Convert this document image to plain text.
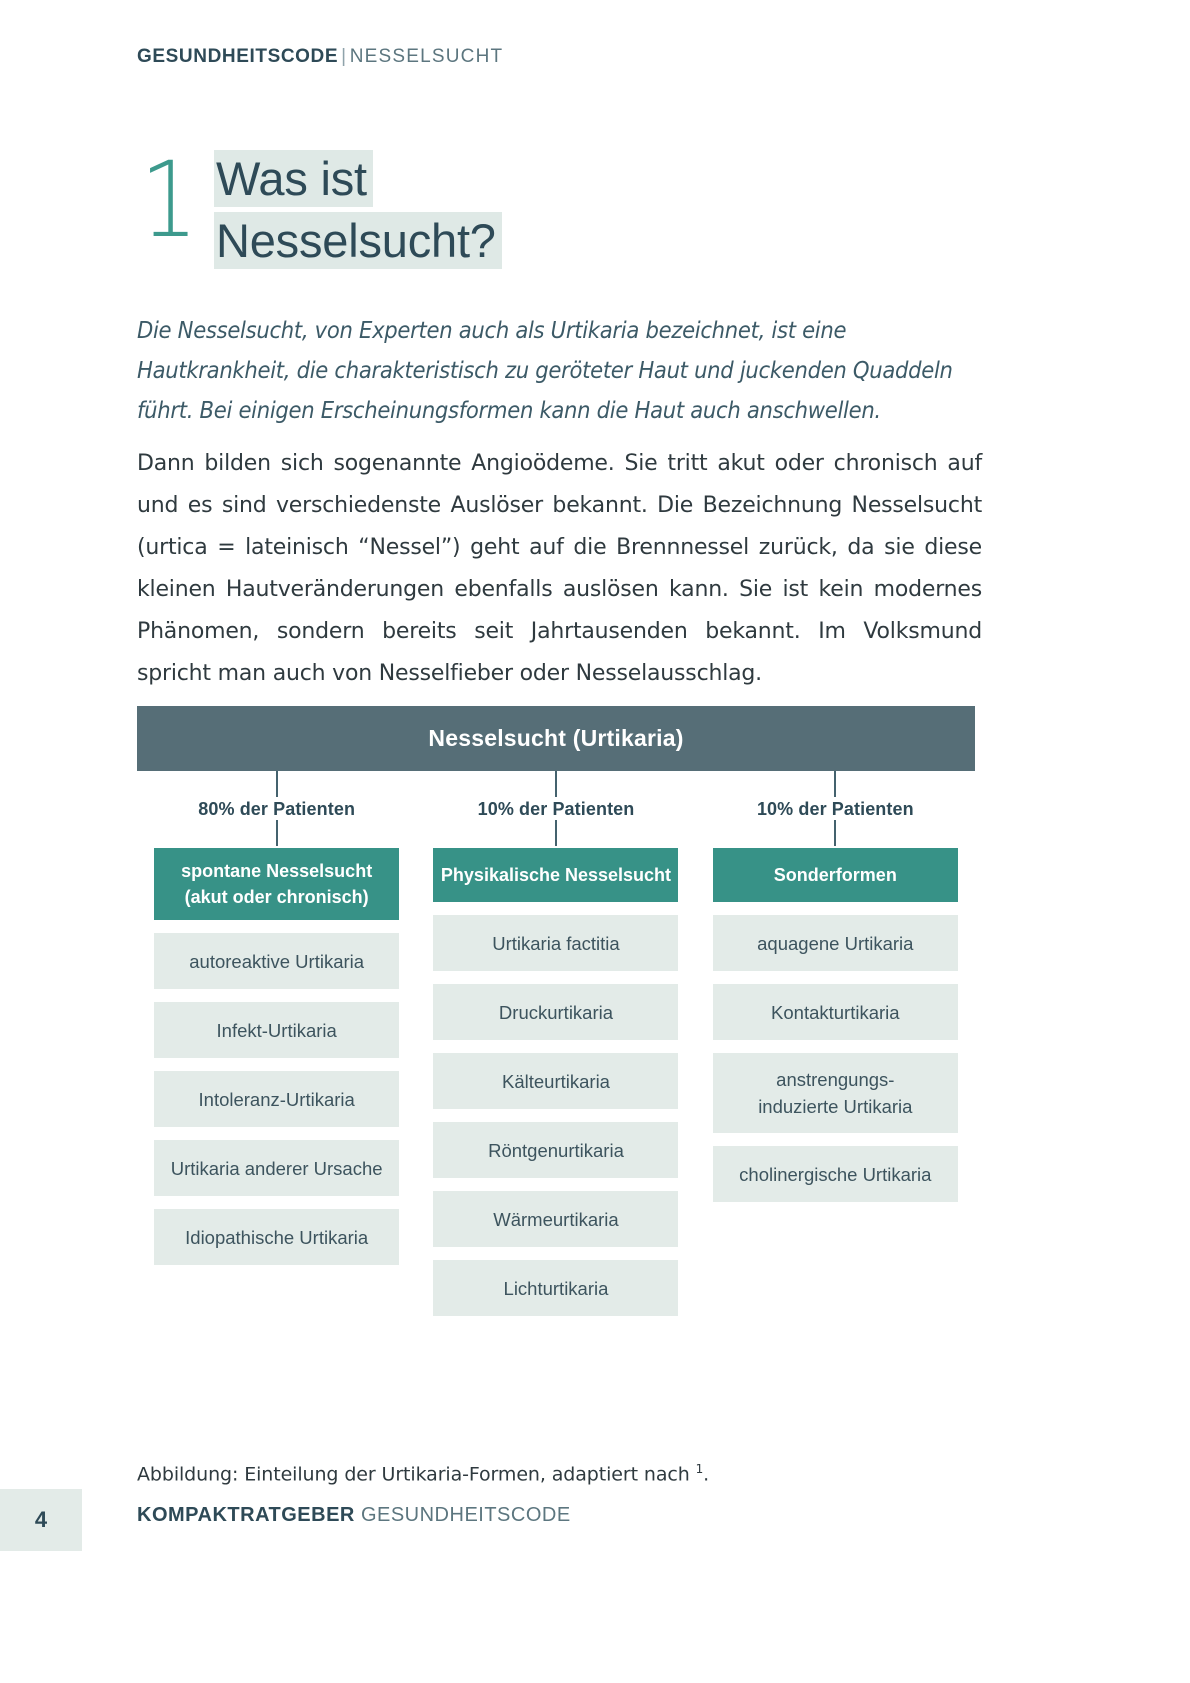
GESUNDHEITSCODE | NESSELSUCHT
1 Was ist
Nesselsucht?
Die Nesselsucht, von Experten auch als Urtikaria bezeichnet, ist eine Hautkrankheit, die charakteristisch zu geröteter Haut und juckenden Quaddeln führt. Bei einigen Erscheinungsformen kann die Haut auch anschwellen.
Dann bilden sich sogenannte Angioödeme. Sie tritt akut oder chronisch auf und es sind verschiedenste Auslöser bekannt. Die Bezeichnung Nesselsucht (urtica = lateinisch “Nessel”) geht auf die Brennnessel zurück, da sie diese kleinen Hautveränderungen ebenfalls auslösen kann. Sie ist kein modernes Phänomen, sondern bereits seit Jahrtausenden bekannt. Im Volksmund spricht man auch von Nesselfieber oder Nesselausschlag.
Nesselsucht (Urtikaria)
80% der Patienten	10% der Patienten	10% der Patienten
spontane Nesselsucht
(akut oder chronisch)
autoreaktive Urtikaria
Infekt-Urtikaria
Intoleranz-Urtikaria
Urtikaria anderer Ursache
Idiopathische Urtikaria
Physikalische Nesselsucht
Urtikaria factitia
Druckurtikaria
Kälteurtikaria
Röntgenurtikaria
Wärmeurtikaria
Lichturtikaria
Sonderformen
aquagene Urtikaria
Kontakturtikaria
anstrengungs-
induzierte Urtikaria
cholinergische Urtikaria
Abbildung: Einteilung der Urtikaria-Formen, adaptiert nach $^1$.
4	KOMPAKTRATGEBER GESUNDHEITSCODE
